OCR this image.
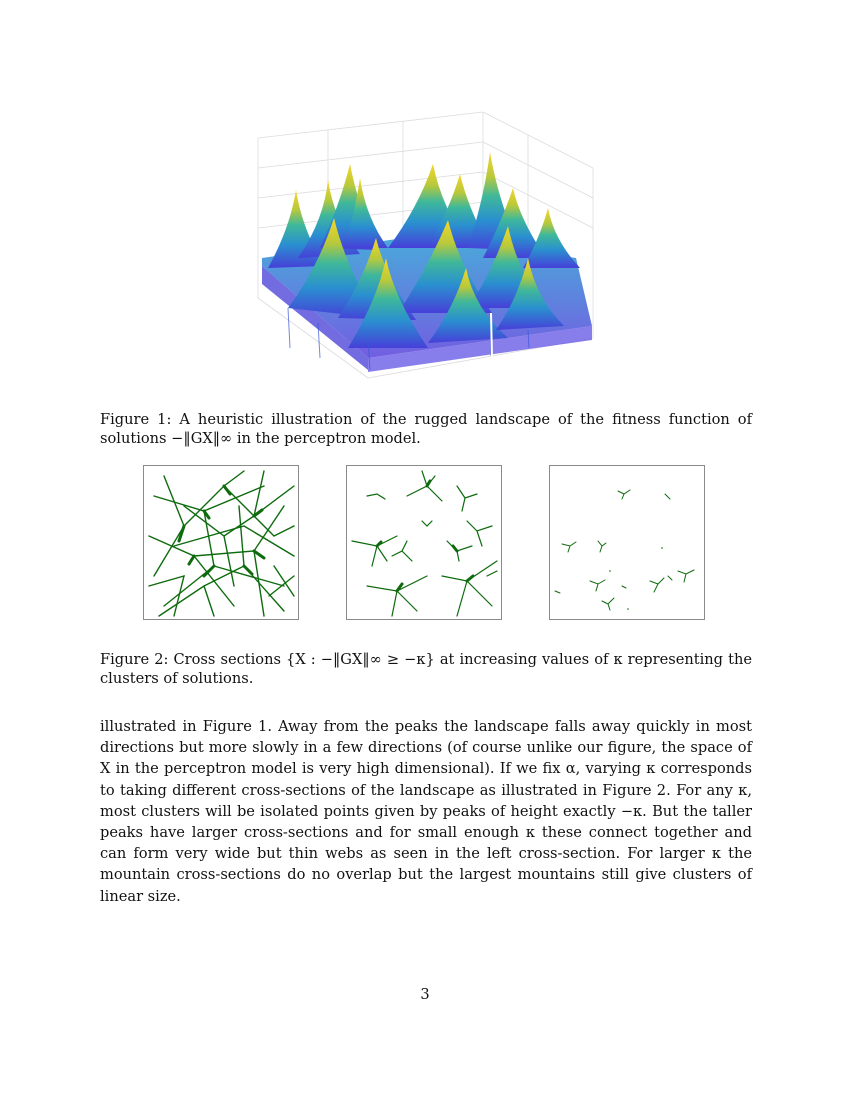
Figure 1: A heuristic illustration of the rugged landscape of the fitness function of solutions −‖GX‖∞ in the perceptron model.
Figure 2: Cross sections {X : −‖GX‖∞ ≥ −κ} at increasing values of κ representing the clusters of solutions.
illustrated in Figure 1. Away from the peaks the landscape falls away quickly in most directions but more slowly in a few directions (of course unlike our figure, the space of X in the perceptron model is very high dimensional). If we fix α, varying κ corresponds to taking different cross-sections of the landscape as illustrated in Figure 2. For any κ, most clusters will be isolated points given by peaks of height exactly −κ. But the taller peaks have larger cross-sections and for small enough κ these connect together and can form very wide but thin webs as seen in the left cross-section. For larger κ the mountain cross-sections do no overlap but the largest mountains still give clusters of linear size.
3
